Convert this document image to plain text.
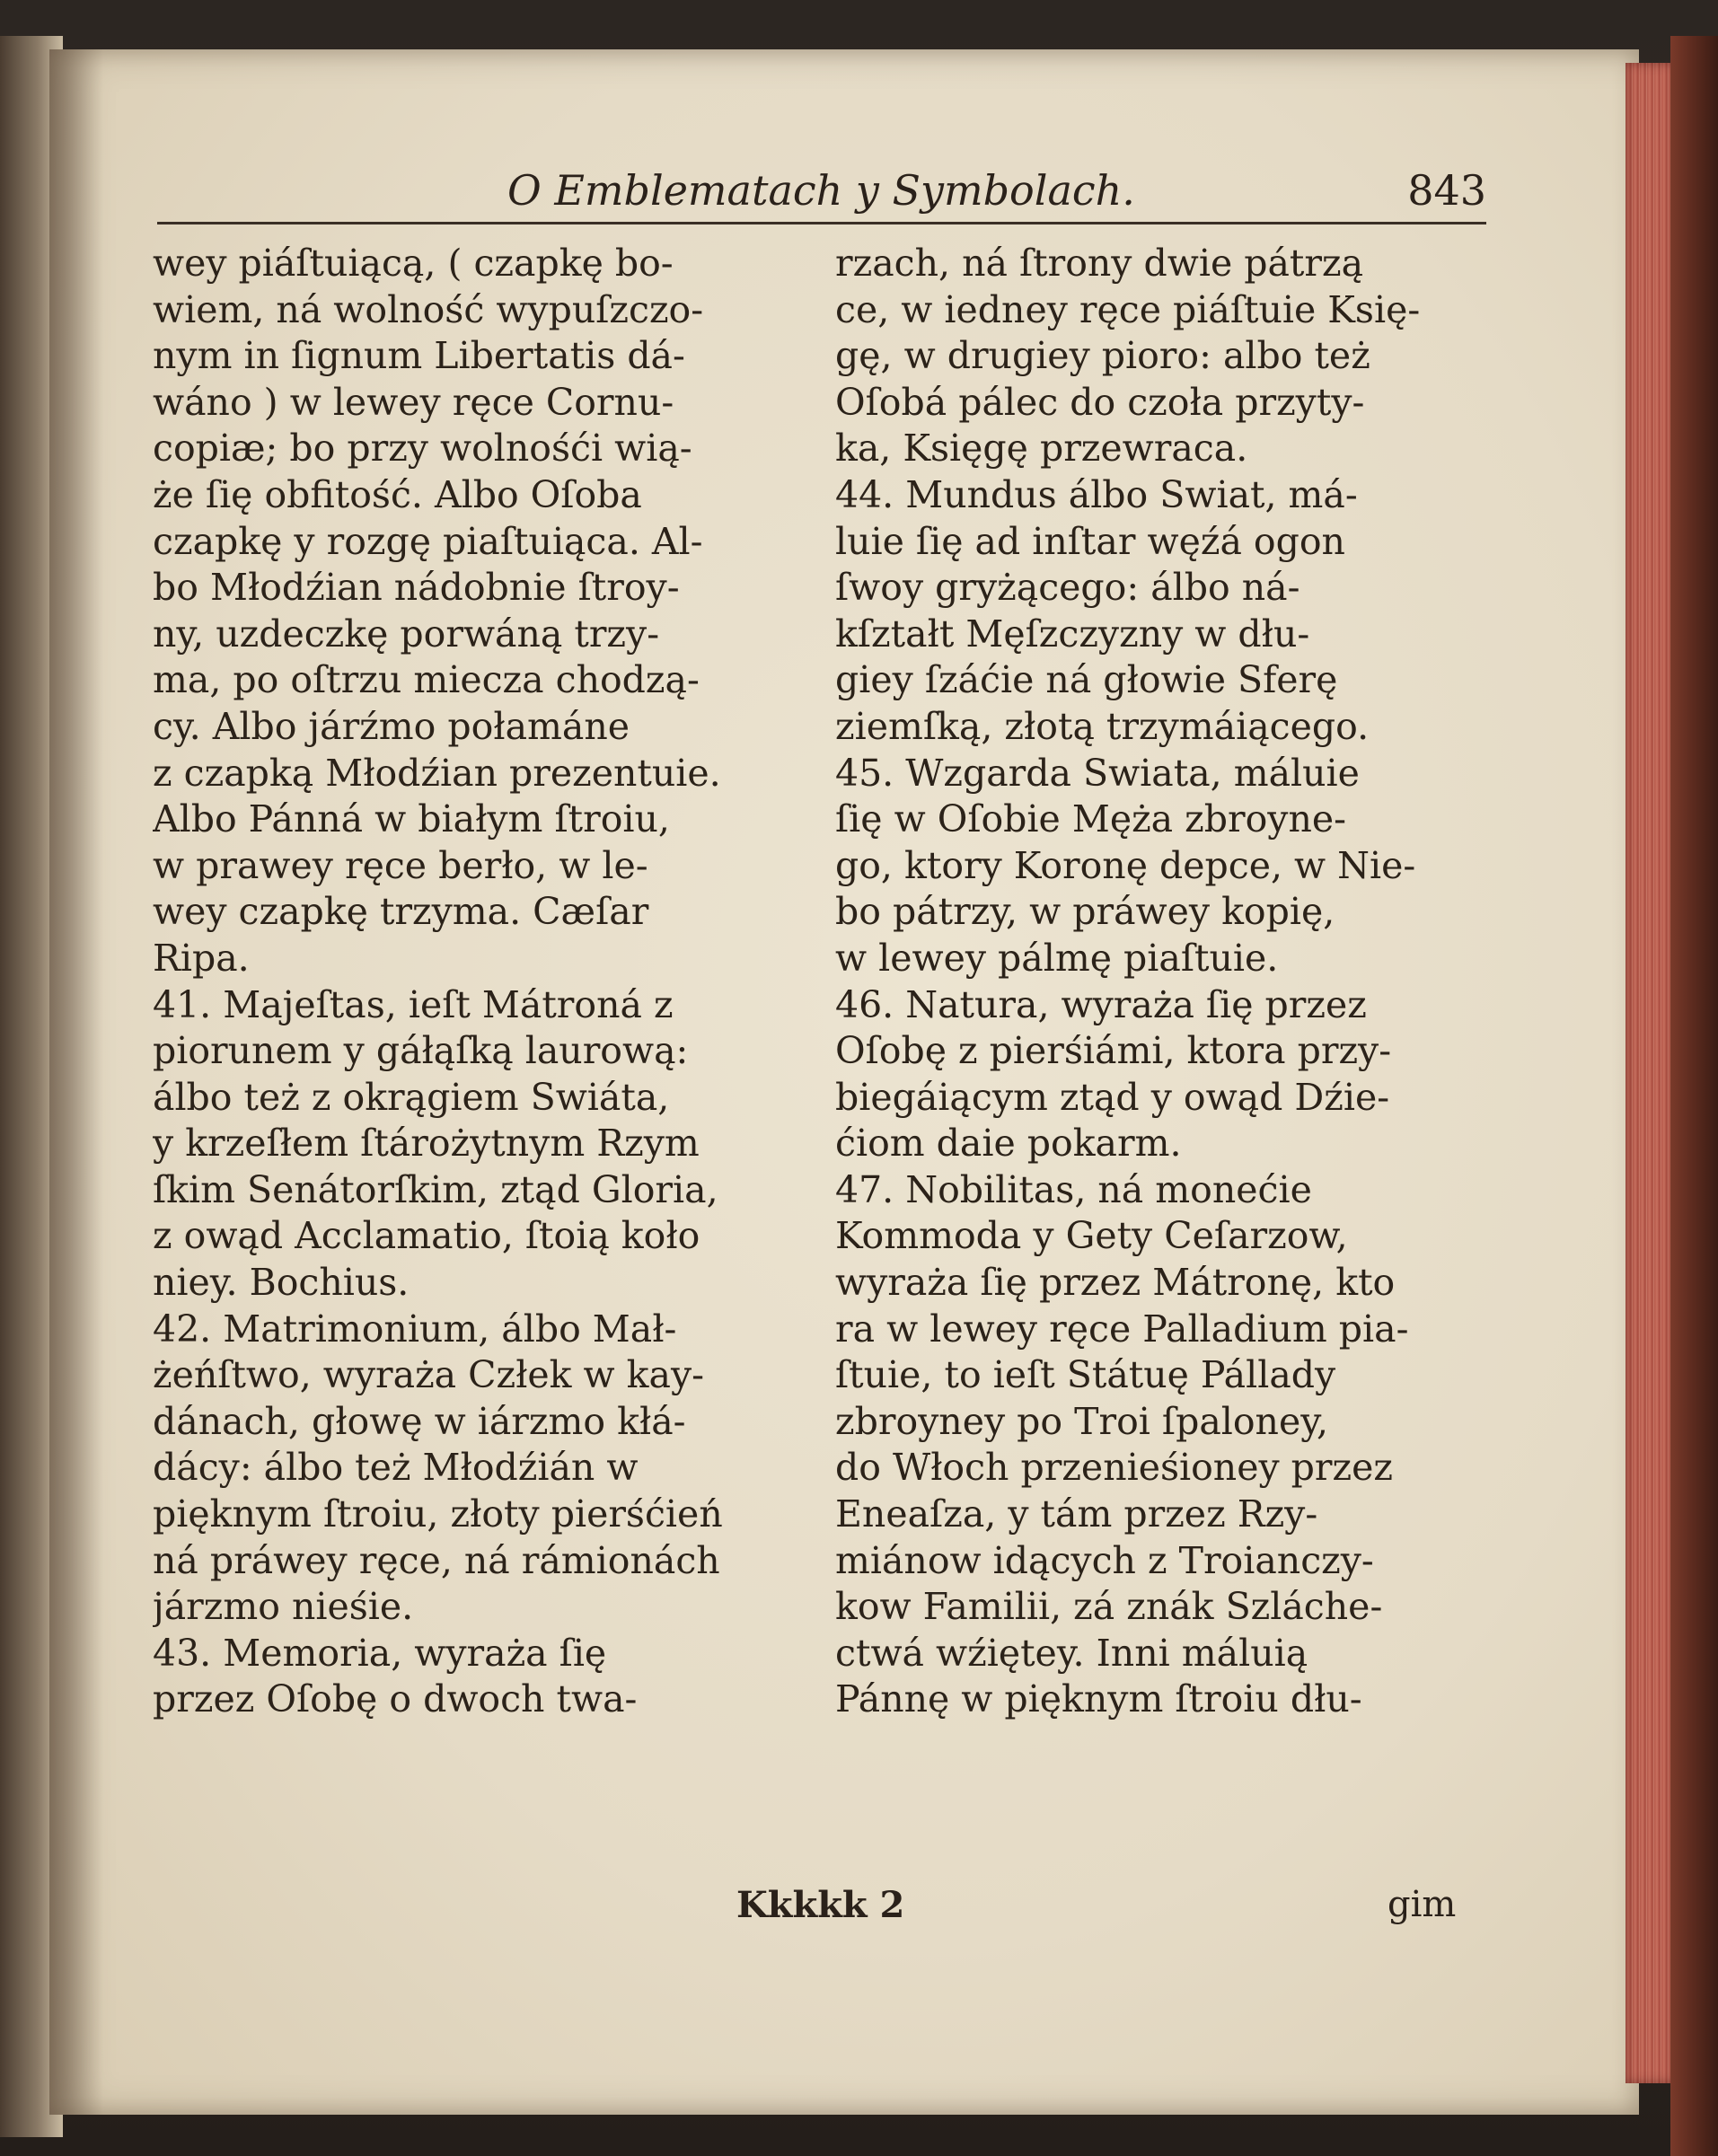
O Emblematach y Symbolach.	843
wey piáſtuiącą, ( czapkę bo-
wiem, ná wolność wypuſzczo-
nym in ſignum Libertatis dá-
wáno ) w lewey ręce Cornu-
copiæ; bo przy wolnośći wią-
że ſię obfitość. Albo Oſoba
czapkę y rozgę piaſtuiąca. Al-
bo Młodźian nádobnie ſtroy-
ny, uzdeczkę porwáną trzy-
ma, po oſtrzu miecza chodzą-
cy. Albo járźmo połamáne
z czapką Młodźian prezentuie.
Albo Pánná w białym ſtroiu,
w prawey ręce berło, w le-
wey czapkę trzyma. Cæſar
Ripa.
41. Majeſtas, ieſt Mátroná z
piorunem y gáłąſką laurową:
álbo też z okrągiem Swiáta,
y krzeſłem ſtárożytnym Rzym
ſkim Senátorſkim, ztąd Gloria,
z owąd Acclamatio, ſtoią koło
niey. Bochius.
42. Matrimonium, álbo Mał-
żeńſtwo, wyraża Człek w kay-
dánach, głowę w iárzmo kłá-
dácy: álbo też Młodźián w
pięknym ſtroiu, złoty pierśćień
ná práwey ręce, ná rámionách
járzmo nieśie.
43. Memoria, wyraża ſię
przez Oſobę o dwoch twa-
rzach, ná ſtrony dwie pátrzą
ce, w iedney ręce piáſtuie Księ-
gę, w drugiey pioro: albo też
Oſobá pálec do czoła przyty-
ka, Księgę przewraca.
44. Mundus álbo Swiat, má-
luie ſię ad inſtar węźá ogon
ſwoy gryżącego: álbo ná-
kſztałt Męſzczyzny w dłu-
giey ſzáćie ná głowie Sferę
ziemſką, złotą trzymáiącego.
45. Wzgarda Swiata, máluie
ſię w Oſobie Męża zbroyne-
go, ktory Koronę depce, w Nie-
bo pátrzy, w práwey kopię,
w lewey pálmę piaſtuie.
46. Natura, wyraża ſię przez
Oſobę z pierśiámi, ktora przy-
biegáiącym ztąd y owąd Dźie-
ćiom daie pokarm.
47. Nobilitas, ná monećie
Kommoda y Gety Ceſarzow,
wyraża ſię przez Mátronę, kto
ra w lewey ręce Palladium pia-
ſtuie, to ieſt Státuę Pállady
zbroyney po Troi ſpaloney,
do Włoch przenieśioney przez
Eneaſza, y tám przez Rzy-
miánow idących z Troianczy-
kow Familii, zá znák Szláche-
ctwá wźiętey. Inni máluią
Pánnę w pięknym ſtroiu dłu-
Kkkkk 2	gim
